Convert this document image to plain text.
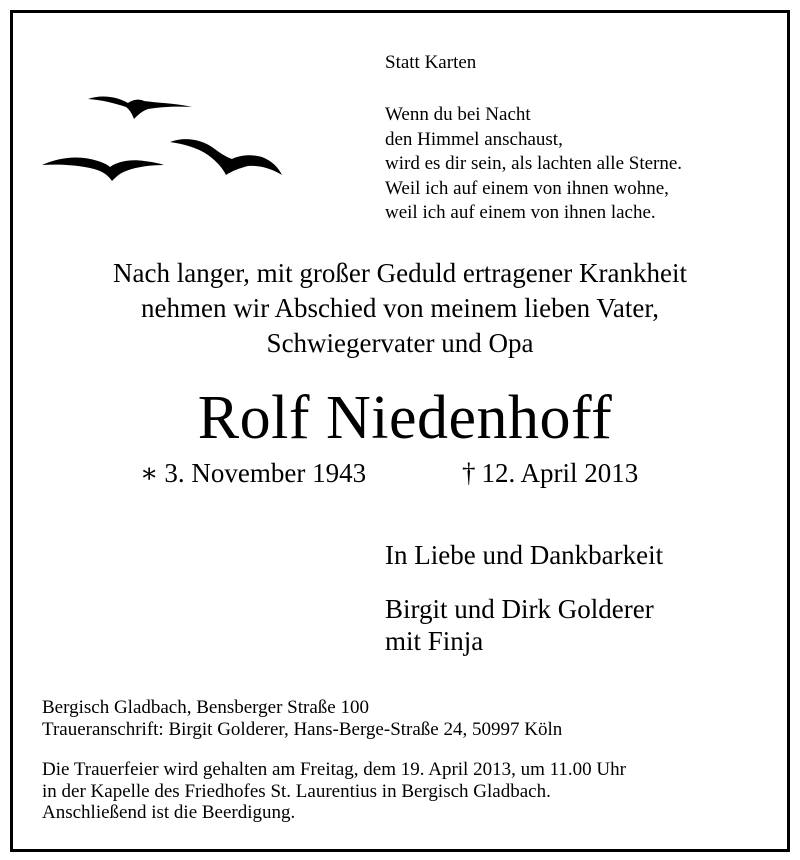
Statt Karten
Wenn du bei Nacht
den Himmel anschaust,
wird es dir sein, als lachten alle Sterne.
Weil ich auf einem von ihnen wohne,
weil ich auf einem von ihnen lache.
Nach langer, mit großer Geduld ertragener Krankheit
nehmen wir Abschied von meinem lieben Vater,
Schwiegervater und Opa
Rolf Niedenhoff
∗ 3. November 1943	† 12. April 2013
In Liebe und Dankbarkeit
Birgit und Dirk Golderer
mit Finja
Bergisch Gladbach, Bensberger Straße 100
Traueranschrift: Birgit Golderer, Hans-Berge-Straße 24, 50997 Köln
Die Trauerfeier wird gehalten am Freitag, dem 19. April 2013, um 11.00 Uhr
in der Kapelle des Friedhofes St. Laurentius in Bergisch Gladbach.
Anschließend ist die Beerdigung.
